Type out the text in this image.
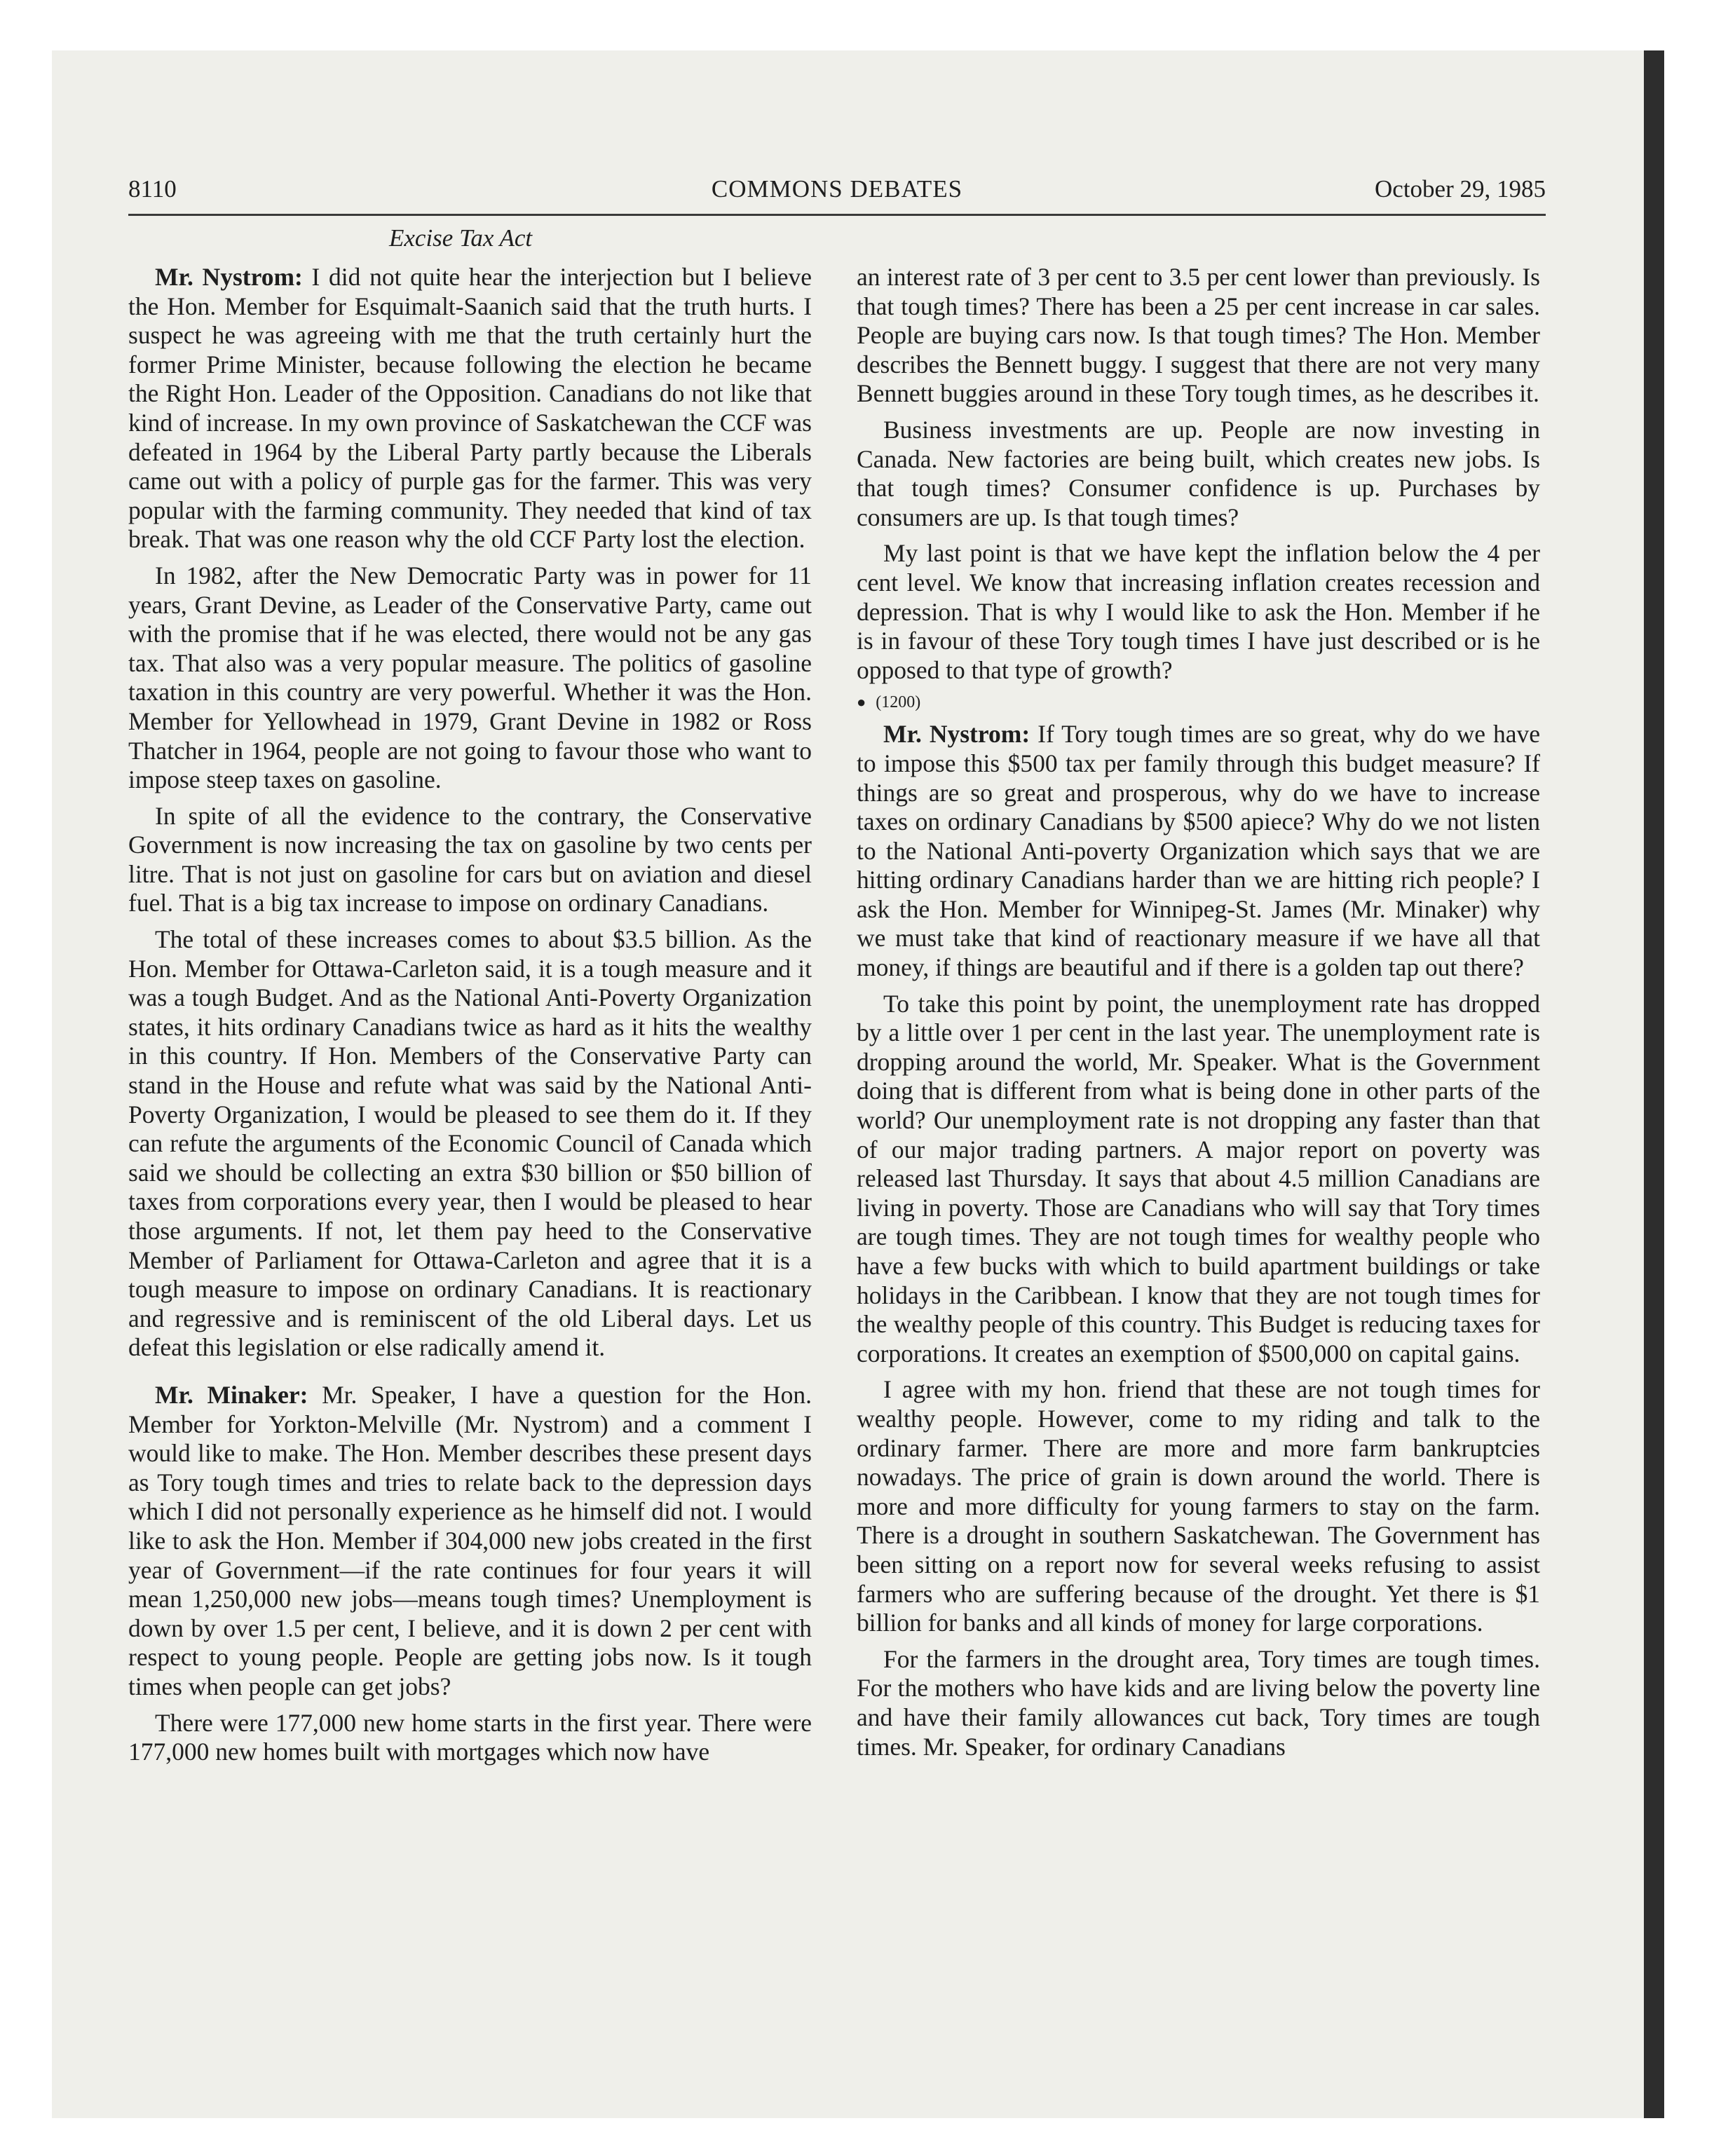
8110	COMMONS DEBATES	October 29, 1985
Excise Tax Act

Mr. Nystrom: I did not quite hear the interjection but I believe the Hon. Member for Esquimalt-Saanich said that the truth hurts. I suspect he was agreeing with me that the truth certainly hurt the former Prime Minister, because following the election he became the Right Hon. Leader of the Opposition. Canadians do not like that kind of increase. In my own province of Saskatchewan the CCF was defeated in 1964 by the Liberal Party partly because the Liberals came out with a policy of purple gas for the farmer. This was very popular with the farming community. They needed that kind of tax break. That was one reason why the old CCF Party lost the election.

In 1982, after the New Democratic Party was in power for 11 years, Grant Devine, as Leader of the Conservative Party, came out with the promise that if he was elected, there would not be any gas tax. That also was a very popular measure. The politics of gasoline taxation in this country are very powerful. Whether it was the Hon. Member for Yellowhead in 1979, Grant Devine in 1982 or Ross Thatcher in 1964, people are not going to favour those who want to impose steep taxes on gasoline.

In spite of all the evidence to the contrary, the Conservative Government is now increasing the tax on gasoline by two cents per litre. That is not just on gasoline for cars but on aviation and diesel fuel. That is a big tax increase to impose on ordinary Canadians.

The total of these increases comes to about $3.5 billion. As the Hon. Member for Ottawa-Carleton said, it is a tough measure and it was a tough Budget. And as the National Anti-Poverty Organization states, it hits ordinary Canadians twice as hard as it hits the wealthy in this country. If Hon. Members of the Conservative Party can stand in the House and refute what was said by the National Anti-Poverty Organization, I would be pleased to see them do it. If they can refute the arguments of the Economic Council of Canada which said we should be collecting an extra $30 billion or $50 billion of taxes from corporations every year, then I would be pleased to hear those arguments. If not, let them pay heed to the Conservative Member of Parliament for Ottawa-Carleton and agree that it is a tough measure to impose on ordinary Canadians. It is reactionary and regressive and is reminiscent of the old Liberal days. Let us defeat this legislation or else radically amend it.

Mr. Minaker: Mr. Speaker, I have a question for the Hon. Member for Yorkton-Melville (Mr. Nystrom) and a comment I would like to make. The Hon. Member describes these present days as Tory tough times and tries to relate back to the depression days which I did not personally experience as he himself did not. I would like to ask the Hon. Member if 304,000 new jobs created in the first year of Government—if the rate continues for four years it will mean 1,250,000 new jobs—means tough times? Unemployment is down by over 1.5 per cent, I believe, and it is down 2 per cent with respect to young people. People are getting jobs now. Is it tough times when people can get jobs?

There were 177,000 new home starts in the first year. There were 177,000 new homes built with mortgages which now have

an interest rate of 3 per cent to 3.5 per cent lower than previously. Is that tough times? There has been a 25 per cent increase in car sales. People are buying cars now. Is that tough times? The Hon. Member describes the Bennett buggy. I suggest that there are not very many Bennett buggies around in these Tory tough times, as he describes it.

Business investments are up. People are now investing in Canada. New factories are being built, which creates new jobs. Is that tough times? Consumer confidence is up. Purchases by consumers are up. Is that tough times?

My last point is that we have kept the inflation below the 4 per cent level. We know that increasing inflation creates recession and depression. That is why I would like to ask the Hon. Member if he is in favour of these Tory tough times I have just described or is he opposed to that type of growth?

● (1200)

Mr. Nystrom: If Tory tough times are so great, why do we have to impose this $500 tax per family through this budget measure? If things are so great and prosperous, why do we have to increase taxes on ordinary Canadians by $500 apiece? Why do we not listen to the National Anti-poverty Organization which says that we are hitting ordinary Canadians harder than we are hitting rich people? I ask the Hon. Member for Winnipeg-St. James (Mr. Minaker) why we must take that kind of reactionary measure if we have all that money, if things are beautiful and if there is a golden tap out there?

To take this point by point, the unemployment rate has dropped by a little over 1 per cent in the last year. The unemployment rate is dropping around the world, Mr. Speaker. What is the Government doing that is different from what is being done in other parts of the world? Our unemployment rate is not dropping any faster than that of our major trading partners. A major report on poverty was released last Thursday. It says that about 4.5 million Canadians are living in poverty. Those are Canadians who will say that Tory times are tough times. They are not tough times for wealthy people who have a few bucks with which to build apartment buildings or take holidays in the Caribbean. I know that they are not tough times for the wealthy people of this country. This Budget is reducing taxes for corporations. It creates an exemption of $500,000 on capital gains.

I agree with my hon. friend that these are not tough times for wealthy people. However, come to my riding and talk to the ordinary farmer. There are more and more farm bankruptcies nowadays. The price of grain is down around the world. There is more and more difficulty for young farmers to stay on the farm. There is a drought in southern Saskatchewan. The Government has been sitting on a report now for several weeks refusing to assist farmers who are suffering because of the drought. Yet there is $1 billion for banks and all kinds of money for large corporations.

For the farmers in the drought area, Tory times are tough times. For the mothers who have kids and are living below the poverty line and have their family allowances cut back, Tory times are tough times. Mr. Speaker, for ordinary Canadians
